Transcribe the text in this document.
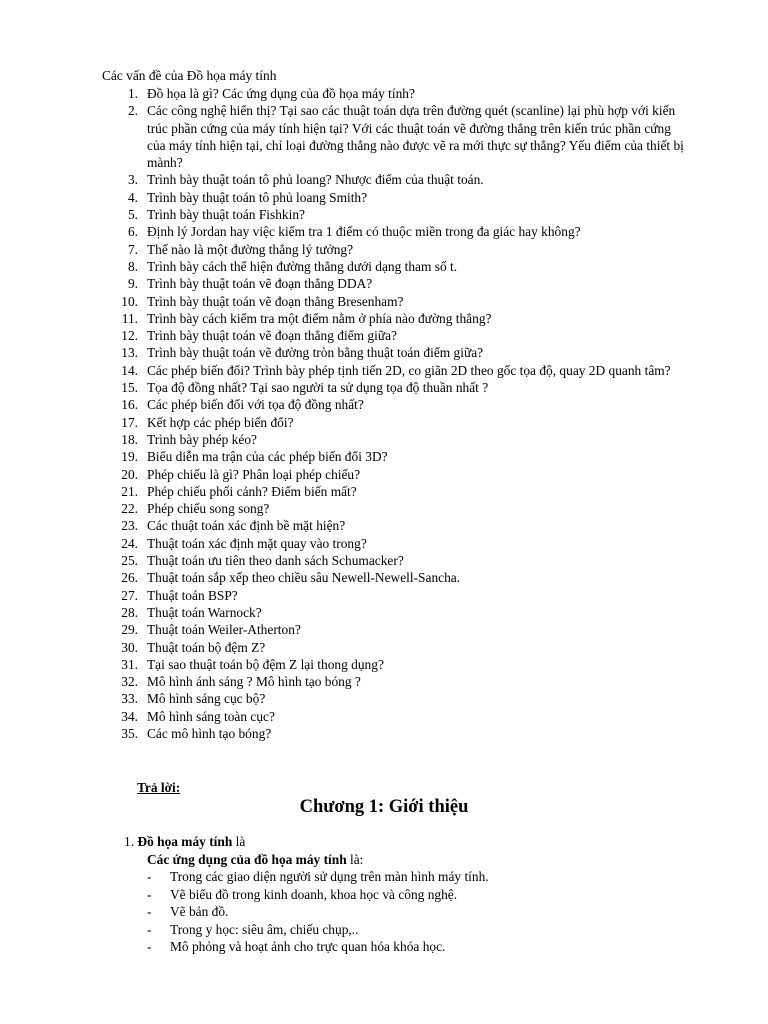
Các vấn đề của Đồ họa máy tính
1. Đồ họa là gì? Các ứng dụng của đồ họa máy tính?
2. Các công nghệ hiển thị? Tại sao các thuật toán dựa trên đường quét (scanline) lại phù hợp với kiến trúc phần cứng của máy tính hiện tại? Với các thuật toán vẽ đường thẳng trên kiến trúc phần cứng của máy tính hiện tại, chỉ loại đường thẳng nào được vẽ ra mới thực sự thẳng? Yếu điểm của thiết bị mành?
3. Trình bày thuật toán tô phủ loang? Nhược điểm của thuật toán.
4. Trình bày thuật toán tô phủ loang Smith?
5. Trình bày thuật toán Fishkin?
6. Định lý Jordan hay việc kiểm tra 1 điểm có thuộc miền trong đa giác hay không?
7. Thế nào là một đường thẳng lý tưởng?
8. Trình bày cách thể hiện đường thẳng dưới dạng tham số t.
9. Trình bày thuật toán vẽ đoạn thẳng DDA?
10. Trình bày thuật toán vẽ đoạn thẳng Bresenham?
11. Trình bày cách kiểm tra một điểm nằm ở phía nào đường thẳng?
12. Trình bày thuật toán vẽ đoạn thẳng điểm giữa?
13. Trình bày thuật toán vẽ đường tròn bằng thuật toán điểm giữa?
14. Các phép biến đổi? Trình bày phép tịnh tiến 2D, co giãn 2D theo gốc tọa độ, quay 2D quanh tâm?
15. Tọa độ đồng nhất? Tại sao người ta sử dụng tọa độ thuần nhất ?
16. Các phép biến đổi với tọa độ đồng nhất?
17. Kết hợp các phép biến đổi?
18. Trình bày phép kéo?
19. Biểu diễn ma trận của các phép biến đổi 3D?
20. Phép chiếu là gì? Phân loại phép chiếu?
21. Phép chiếu phối cảnh? Điểm biến mất?
22. Phép chiếu song song?
23. Các thuật toán xác định bề mặt hiện?
24. Thuật toán xác định mặt quay vào trong?
25. Thuật toán ưu tiên theo danh sách Schumacker?
26. Thuật toán sắp xếp theo chiều sâu Newell-Newell-Sancha.
27. Thuật toán BSP?
28. Thuật toán Warnock?
29. Thuật toán Weiler-Atherton?
30. Thuật toán bộ đệm Z?
31. Tại sao thuật toán bộ đệm Z lại thong dụng?
32. Mô hình ánh sáng ? Mô hình tạo bóng ?
33. Mô hình sáng cục bộ?
34. Mô hình sáng toàn cục?
35. Các mô hình tạo bóng?
Trả lời:
Chương 1: Giới thiệu
1. Đồ họa máy tính là
Các ứng dụng của đồ họa máy tính là:
- Trong các giao diện người sử dụng trên màn hình máy tính.
- Vẽ biểu đồ trong kinh doanh, khoa học và công nghệ.
- Vẽ bản đồ.
- Trong y học: siêu âm, chiếu chụp,..
- Mô phỏng và hoạt ảnh cho trực quan hóa khóa học.
